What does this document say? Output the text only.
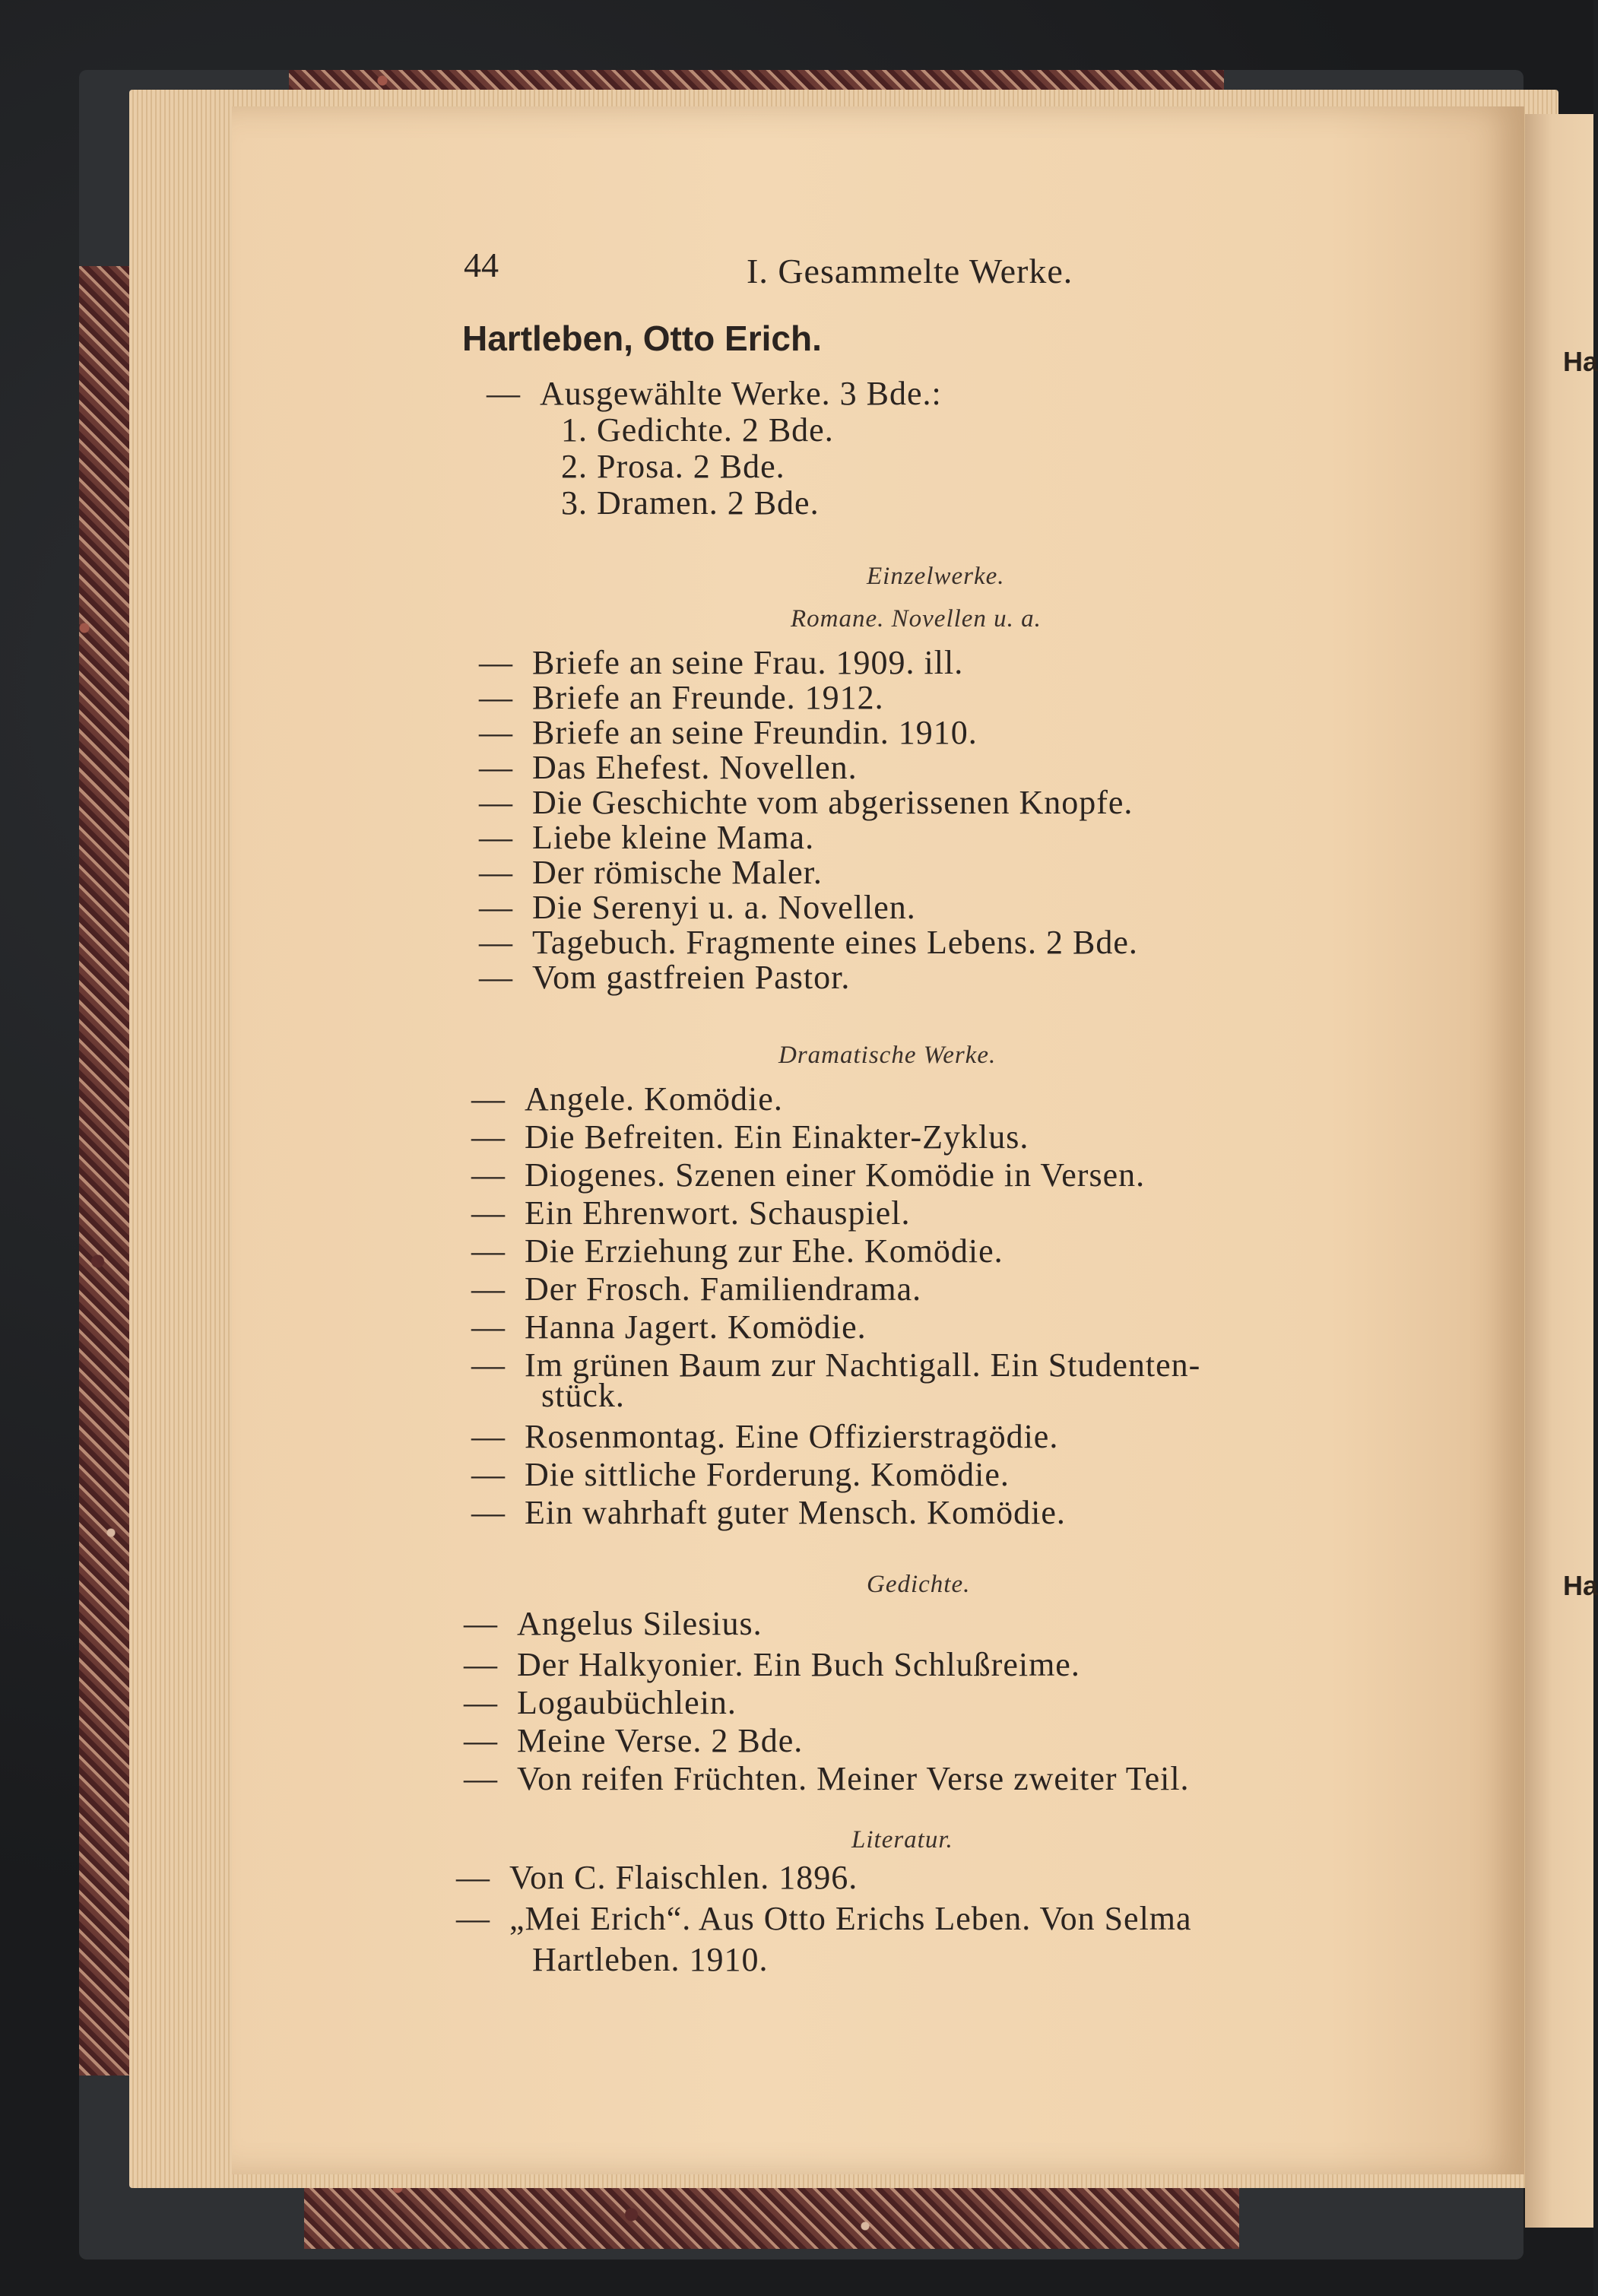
Ha
Ha
44	I. Gesammelte Werke.
Hartleben, Otto Erich.
— Ausgewählte Werke. 3 Bde.:
1. Gedichte. 2 Bde.
2. Prosa. 2 Bde.
3. Dramen. 2 Bde.
Einzelwerke.
Romane. Novellen u. a.
— Briefe an seine Frau. 1909. ill.
— Briefe an Freunde. 1912.
— Briefe an seine Freundin. 1910.
— Das Ehefest. Novellen.
— Die Geschichte vom abgerissenen Knopfe.
— Liebe kleine Mama.
— Der römische Maler.
— Die Serenyi u. a. Novellen.
— Tagebuch. Fragmente eines Lebens. 2 Bde.
— Vom gastfreien Pastor.
Dramatische Werke.
— Angele. Komödie.
— Die Befreiten. Ein Einakter-Zyklus.
— Diogenes. Szenen einer Komödie in Versen.
— Ein Ehrenwort. Schauspiel.
— Die Erziehung zur Ehe. Komödie.
— Der Frosch. Familiendrama.
— Hanna Jagert. Komödie.
— Im grünen Baum zur Nachtigall. Ein Studenten-
stück.
— Rosenmontag. Eine Offizierstragödie.
— Die sittliche Forderung. Komödie.
— Ein wahrhaft guter Mensch. Komödie.
Gedichte.
— Angelus Silesius.
— Der Halkyonier. Ein Buch Schlußreime.
— Logaubüchlein.
— Meine Verse. 2 Bde.
— Von reifen Früchten. Meiner Verse zweiter Teil.
Literatur.
— Von C. Flaischlen. 1896.
— „Mei Erich“. Aus Otto Erichs Leben. Von Selma
Hartleben. 1910.
